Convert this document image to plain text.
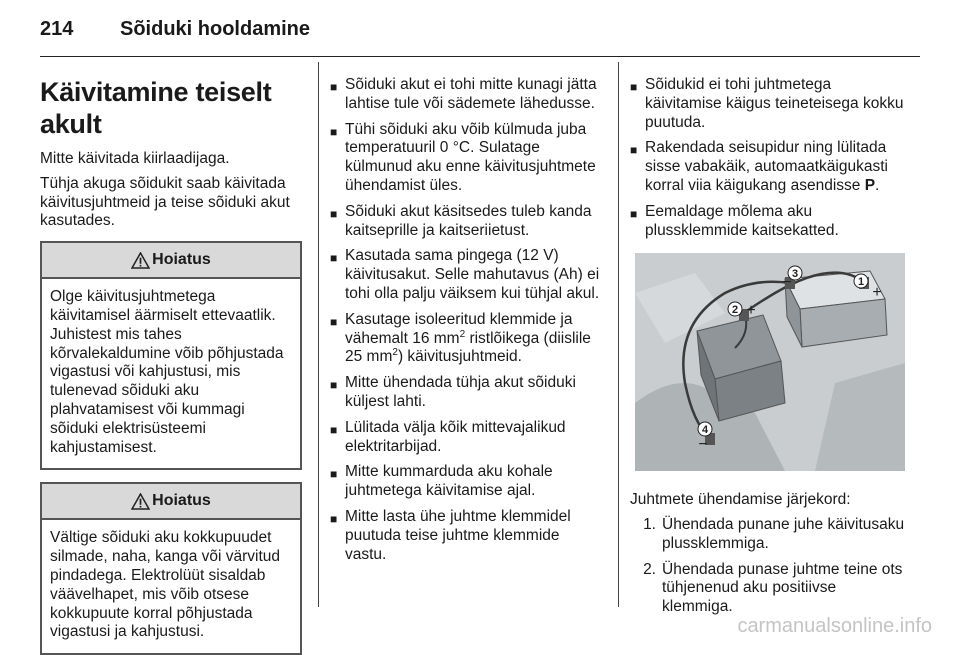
214 Sõiduki hooldamine
Käivitamine teiselt akult

Mitte käivitada kiirlaadijaga.

Tühja akuga sõidukit saab käivitada käivitusjuhtmeid ja teise sõiduki akut kasutades.

Hoiatus
Olge käivitusjuhtmetega käivitamisel äärmiselt ettevaatlik. Juhistest mis tahes kõrvalekaldumine võib põhjustada vigastusi või kahjustusi, mis tulenevad sõiduki aku plahvatamisest või kummagi sõiduki elektrisüsteemi kahjustamisest.
Hoiatus
Vältige sõiduki aku kokkupuudet silmade, naha, kanga või värvitud pindadega. Elektrolüüt sisaldab väävelhapet, mis võib otsese kokkupuute korral põhjustada vigastusi ja kahjustusi.
■ Sõiduki akut ei tohi mitte kunagi jätta lahtise tule või sädemete lähedusse.
■ Tühi sõiduki aku võib külmuda juba temperatuuril 0 °C. Sulatage külmunud aku enne käivitusjuhtmete ühendamist üles.
■ Sõiduki akut käsitsedes tuleb kanda kaitseprille ja kaitseriietust.
■ Kasutada sama pingega (12 V) käivitusakut. Selle mahutavus (Ah) ei tohi olla palju väiksem kui tühjal akul.
■ Kasutage isoleeritud klemmide ja vähemalt 16 $mm^2$ ristlõikega (diislile 25 $mm^2$) käivitusjuhtmeid.
■ Mitte ühendada tühja akut sõiduki küljest lahti.
■ Lülitada välja kõik mittevajalikud elektritarbijad.
■ Mitte kummarduda aku kohale juhtmetega käivitamise ajal.
■ Mitte lasta ühe juhtme klemmidel puutuda teise juhtme klemmide vastu.
■ Sõidukid ei tohi juhtmetega käivitamise käigus teineteisega kokku puutuda.
■ Rakendada seisupidur ning lülitada sisse vabakäik, automaatkäigukasti korral viia käigukang asendisse P.
■ Eemaldage mõlema aku plussklemmide kaitsekatted.
1
+
3
−
2 +
4
−

Juhtmete ühendamise järjekord:

1. Ühendada punane juhe käivitusaku plussklemmiga.
2. Ühendada punase juhtme teine ots tühjenenud aku positiivse klemmiga.
carmanualsonline.info
